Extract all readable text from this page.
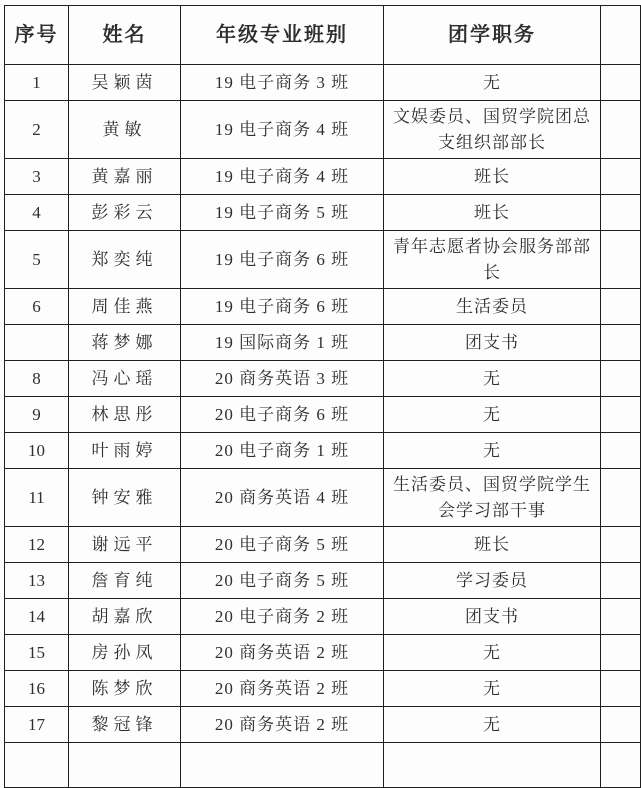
序号	姓名	年级专业班别	团学职务	
1	吴颖茵	19 电子商务 3 班	无	
2	黄敏	19 电子商务 4 班	文娱委员、国贸学院团总支组织部部长	
3	黄嘉丽	19 电子商务 4 班	班长	
4	彭彩云	19 电子商务 5 班	班长	
5	郑奕纯	19 电子商务 6 班	青年志愿者协会服务部部长	
6	周佳燕	19 电子商务 6 班	生活委员	
	蒋梦娜	19 国际商务 1 班	团支书	
8	冯心瑶	20 商务英语 3 班	无	
9	林思彤	20 电子商务 6 班	无	
10	叶雨婷	20 电子商务 1 班	无	
11	钟安雅	20 商务英语 4 班	生活委员、国贸学院学生会学习部干事	
12	谢远平	20 电子商务 5 班	班长	
13	詹育纯	20 电子商务 5 班	学习委员	
14	胡嘉欣	20 电子商务 2 班	团支书	
15	房孙凤	20 商务英语 2 班	无	
16	陈梦欣	20 商务英语 2 班	无	
17	黎冠锋	20 商务英语 2 班	无	
